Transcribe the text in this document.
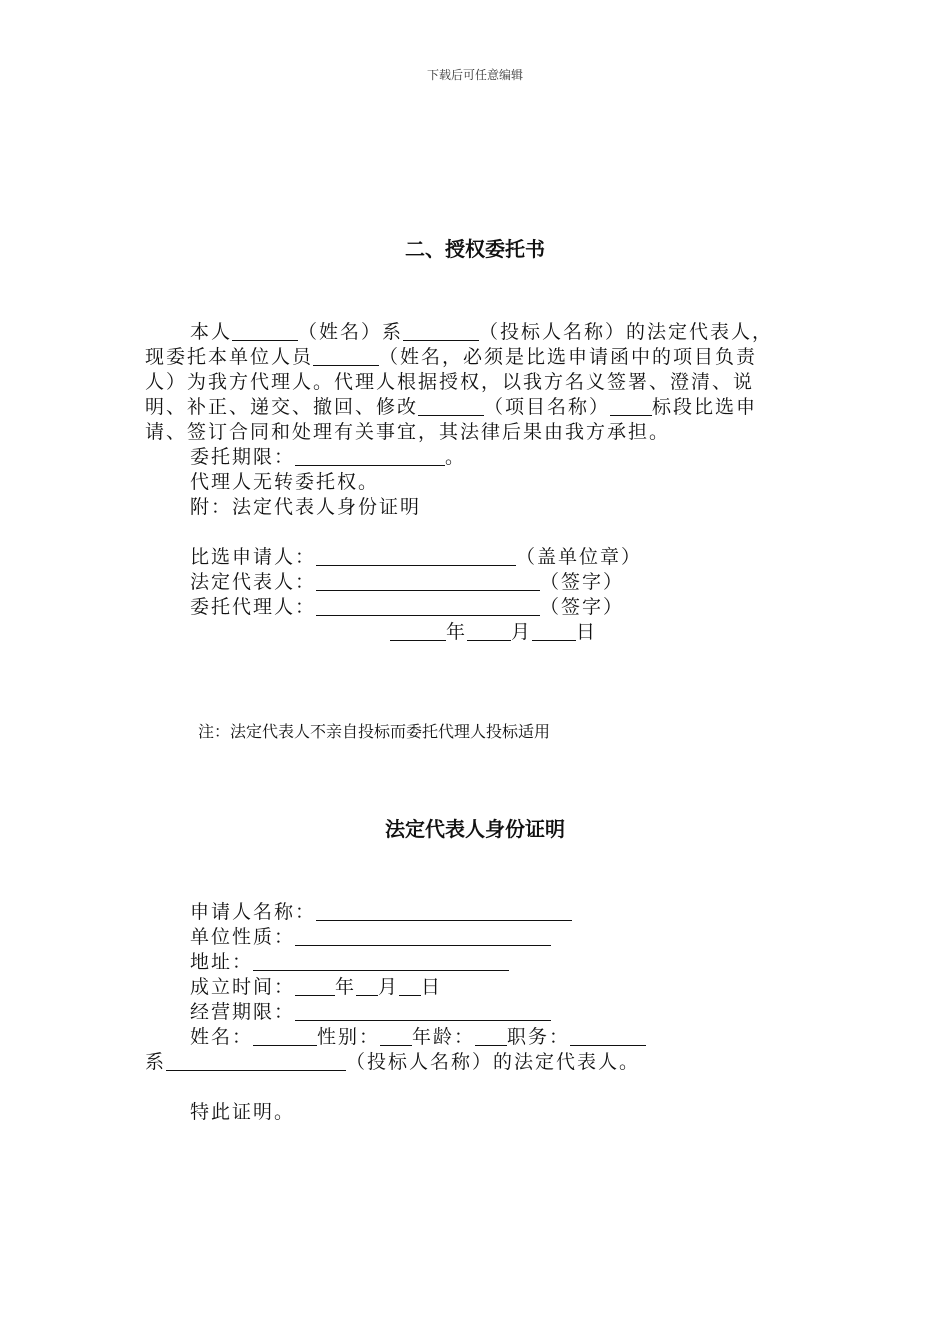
下载后可任意编辑
二、授权委托书
本人	（姓名）系	（投标人名称）的法定代表人，
现委托本单位人员	（姓名，必须是比选申请函中的项目负责
人）为我方代理人。代理人根据授权，以我方名义签署、澄清、说
明、补正、递交、撤回、修改	（项目名称） 标段比选申
请、签订合同和处理有关事宜，其法律后果由我方承担。
委托期限：	。
代理人无转委托权。
附：法定代表人身份证明
比选申请人：	（盖单位章）
法定代表人：	（签字）
委托代理人：	（签字）
年 月 日
注：法定代表人不亲自投标而委托代理人投标适用
法定代表人身份证明
申请人名称：
单位性质：
地址：
成立时间： 年 月 日
经营期限：
姓名：	性别： 年龄： 职务：
系	（投标人名称）的法定代表人。
特此证明。
